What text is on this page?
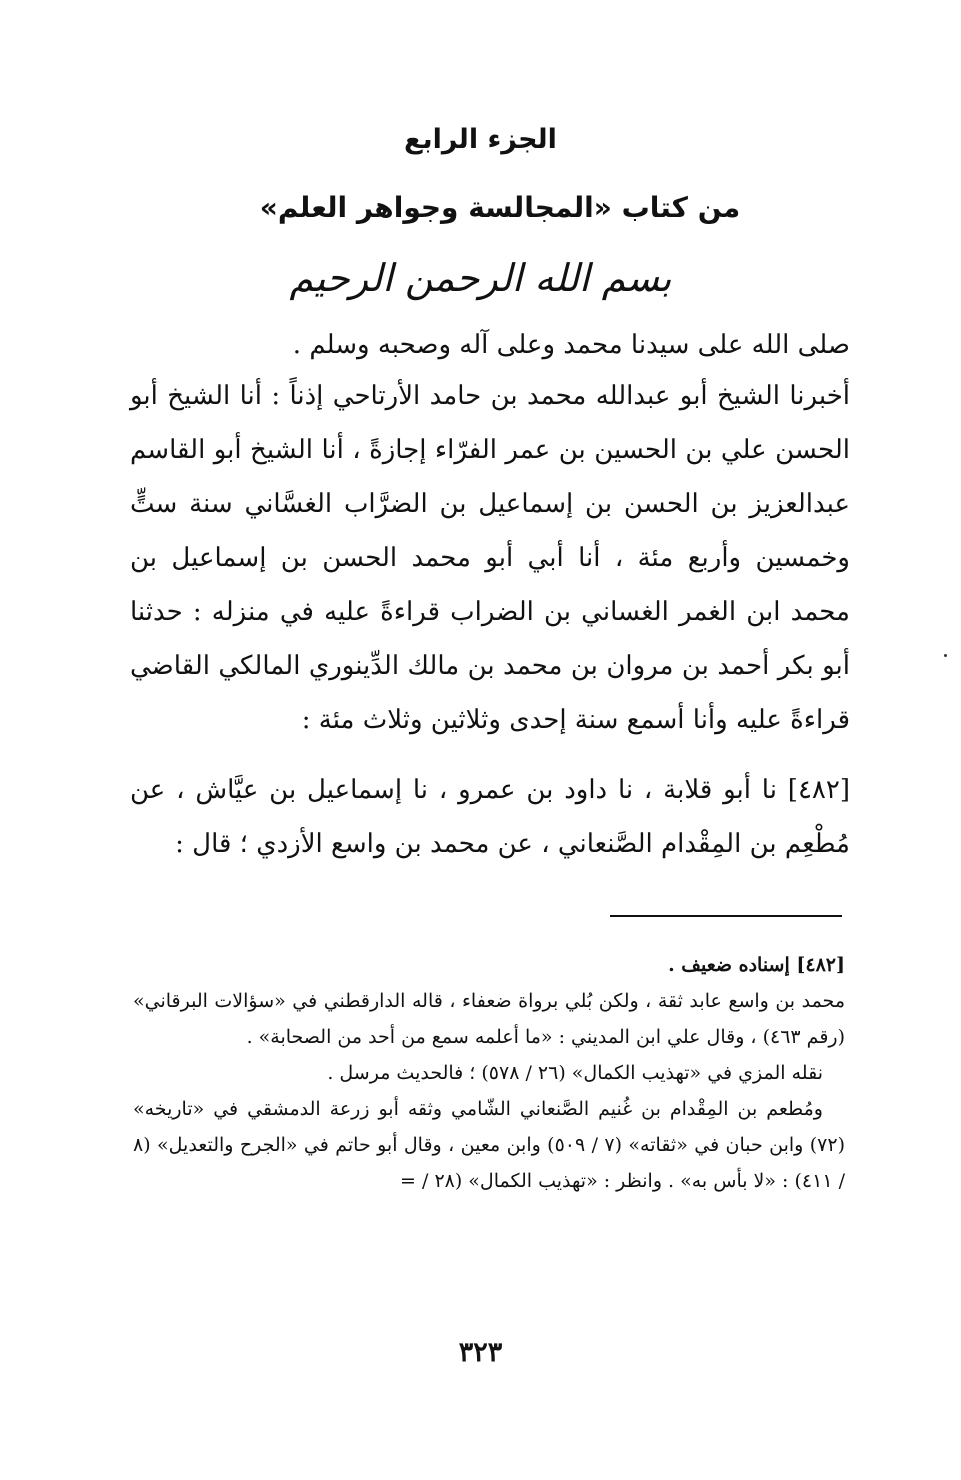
الجزء الرابع
من كتاب «المجالسة وجواهر العلم»
بسم الله الرحمن الرحيم
صلى الله على سيدنا محمد وعلى آله وصحبه وسلم .
أخبرنا الشيخ أبو عبدالله محمد بن حامد الأرتاحي إذناً : أنا الشيخ أبو الحسن علي بن الحسين بن عمر الفرّاء إجازةً ، أنا الشيخ أبو القاسم عبدالعزيز بن الحسن بن إسماعيل بن الضرَّاب الغسَّاني سنة ستٍّ وخمسين وأربع مئة ، أنا أبي أبو محمد الحسن بن إسماعيل بن محمد ابن الغمر الغساني بن الضراب قراءةً عليه في منزله : حدثنا أبو بكر أحمد بن مروان بن محمد بن مالك الدِّينوري المالكي القاضي قراءةً عليه وأنا أسمع سنة إحدى وثلاثين وثلاث مئة :
[٤٨٢] نا أبو قلابة ، نا داود بن عمرو ، نا إسماعيل بن عيَّاش ، عن مُطْعِم بن المِقْدام الصَّنعاني ، عن محمد بن واسع الأزدي ؛ قال :

[٤٨٢] إسناده ضعيف .

محمد بن واسع عابد ثقة ، ولكن بُلي برواة ضعفاء ، قاله الدارقطني في «سؤالات البرقاني» (رقم ٤٦٣) ، وقال علي ابن المديني : «ما أعلمه سمع من أحد من الصحابة» .

نقله المزي في «تهذيب الكمال» (٢٦ / ٥٧٨) ؛ فالحديث مرسل .

ومُطعم بن المِقْدام بن غُنيم الصَّنعاني الشّامي وثقه أبو زرعة الدمشقي في «تاريخه» (٧٢) وابن حبان في «ثقاته» (٧ / ٥٠٩) وابن معين ، وقال أبو حاتم في «الجرح والتعديل» (٨ / ٤١١) : «لا بأس به» . وانظر : «تهذيب الكمال» (٢٨ / =

٣٢٣
